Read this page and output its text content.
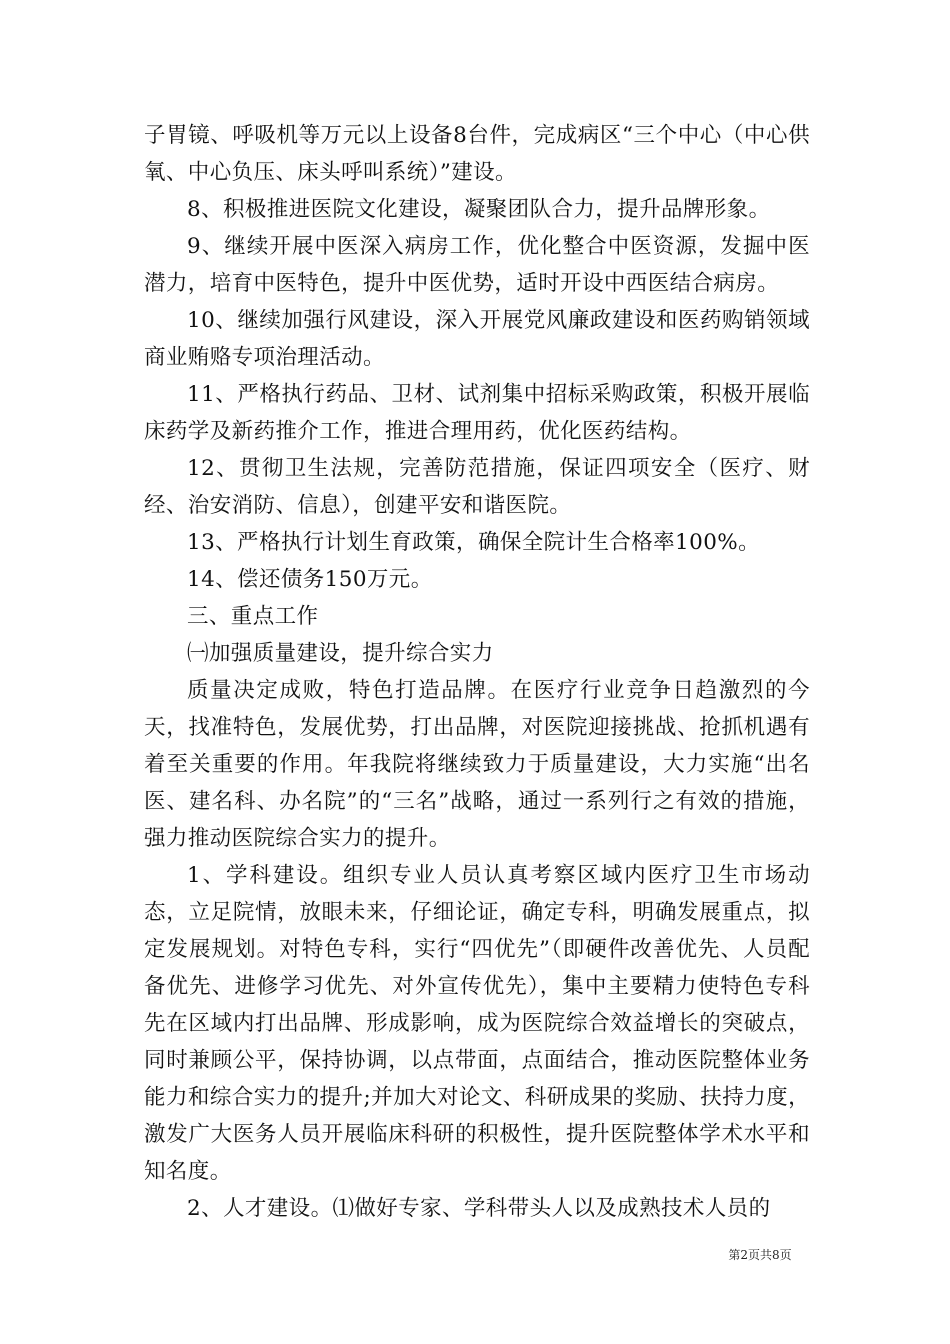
子胃镜、呼吸机等万元以上设备8台件，完成病区“三个中心（中心供氧、中心负压、床头呼叫系统）”建设。

8、积极推进医院文化建设，凝聚团队合力，提升品牌形象。

9、继续开展中医深入病房工作，优化整合中医资源，发掘中医潜力，培育中医特色，提升中医优势，适时开设中西医结合病房。

10、继续加强行风建设，深入开展党风廉政建设和医药购销领域商业贿赂专项治理活动。

11、严格执行药品、卫材、试剂集中招标采购政策，积极开展临床药学及新药推介工作，推进合理用药，优化医药结构。

12、贯彻卫生法规，完善防范措施，保证四项安全（医疗、财经、治安消防、信息），创建平安和谐医院。

13、严格执行计划生育政策，确保全院计生合格率100%。

14、偿还债务150万元。

三、重点工作

㈠加强质量建设，提升综合实力

质量决定成败，特色打造品牌。在医疗行业竞争日趋激烈的今天，找准特色，发展优势，打出品牌，对医院迎接挑战、抢抓机遇有着至关重要的作用。年我院将继续致力于质量建设，大力实施“出名医、建名科、办名院”的“三名”战略，通过一系列行之有效的措施，强力推动医院综合实力的提升。

1、学科建设。组织专业人员认真考察区域内医疗卫生市场动态，立足院情，放眼未来，仔细论证，确定专科，明确发展重点，拟定发展规划。对特色专科，实行“四优先”（即硬件改善优先、人员配备优先、进修学习优先、对外宣传优先），集中主要精力使特色专科先在区域内打出品牌、形成影响，成为医院综合效益增长的突破点，同时兼顾公平，保持协调，以点带面，点面结合，推动医院整体业务能力和综合实力的提升;并加大对论文、科研成果的奖励、扶持力度，激发广大医务人员开展临床科研的积极性，提升医院整体学术水平和知名度。

2、人才建设。⑴做好专家、学科带头人以及成熟技术人员的

第2页共8页
